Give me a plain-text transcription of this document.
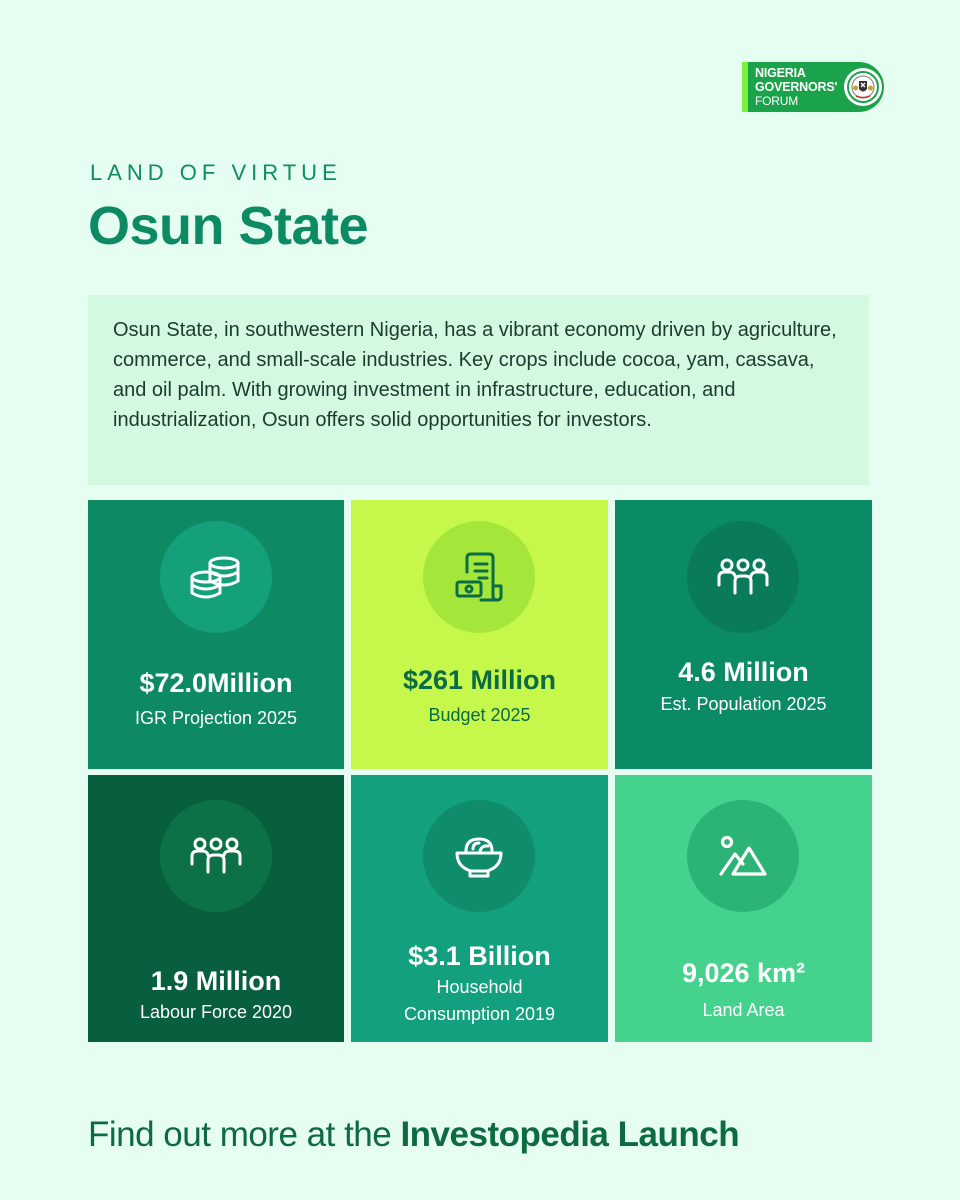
NIGERIA
GOVERNORS'
FORUM

LAND OF VIRTUE

Osun State

Osun State, in southwestern Nigeria, has a vibrant economy driven by agriculture, commerce, and small-scale industries. Key crops include cocoa, yam, cassava, and oil palm. With growing investment in infrastructure, education, and industrialization, Osun offers solid opportunities for investors.

$72.0Million
IGR Projection 2025
$261 Million
Budget 2025
4.6 Million
Est. Population 2025
1.9 Million
Labour Force 2020
$3.1 Billion
Household Consumption 2019
9,026 km²
Land Area

Find out more at the Investopedia Launch
